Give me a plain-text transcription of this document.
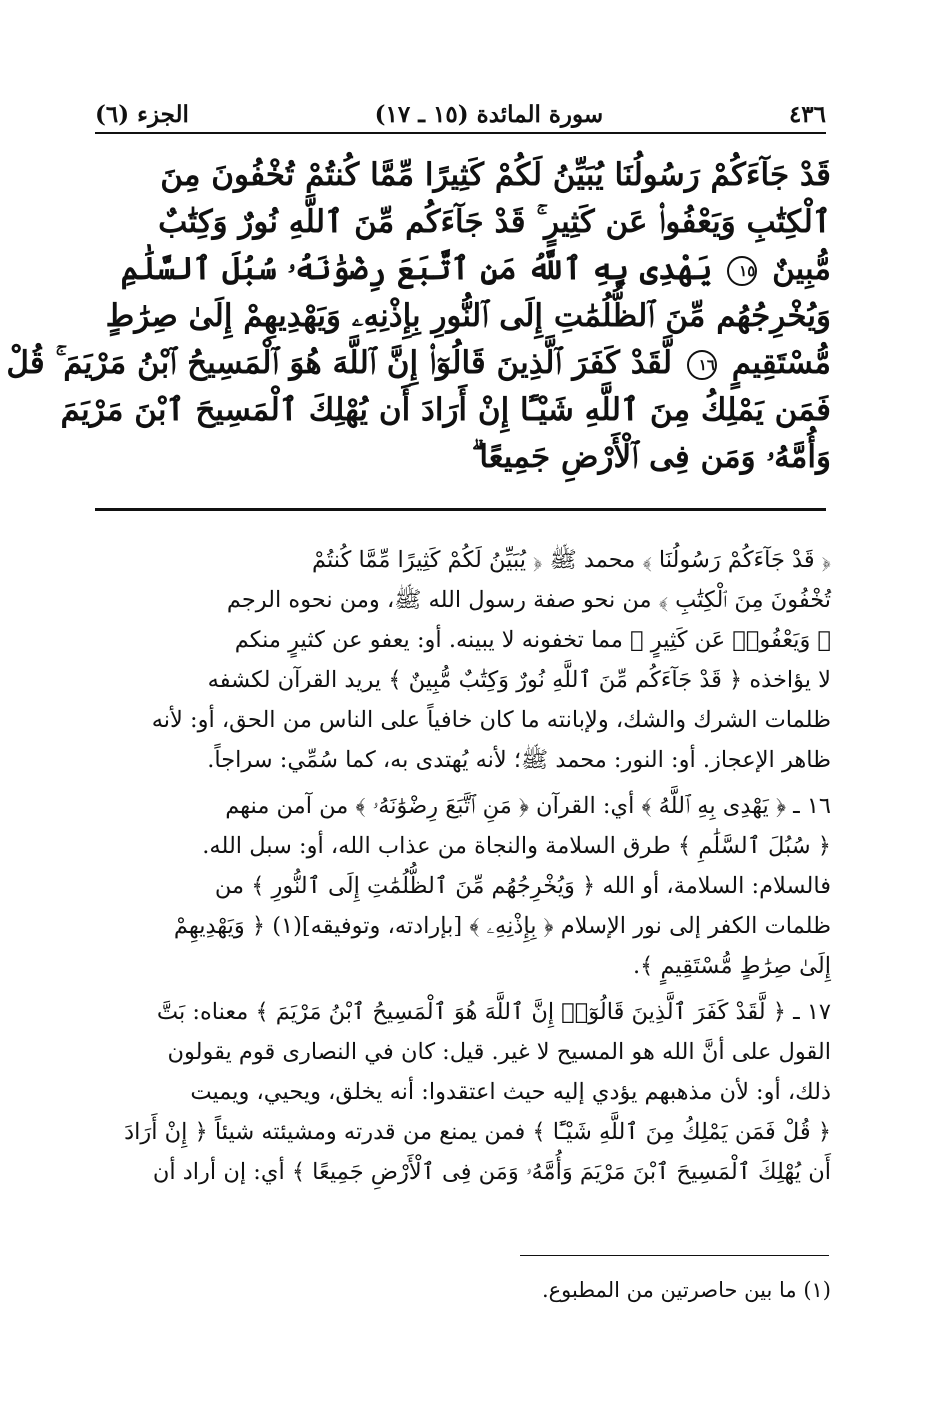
٤٣٦
سورة المائدة (١٥ ـ ١٧)
الجزء (٦)
قَدْ جَآءَكُمْ رَسُولُنَا يُبَيِّنُ لَكُمْ كَثِيرًا مِّمَّا كُنتُمْ تُخْفُونَ مِنَ
ٱلْكِتَٰبِ وَيَعْفُوا۟ عَن كَثِيرٍ ۚ قَدْ جَآءَكُم مِّنَ ٱللَّهِ نُورٌ وَكِتَٰبٌ
مُّبِينٌ ١٥ يَهْدِى بِهِ ٱللَّهُ مَنِ ٱتَّبَعَ رِضْوَٰنَهُۥ سُبُلَ ٱلسَّلَٰمِ
وَيُخْرِجُهُم مِّنَ ٱلظُّلُمَٰتِ إِلَى ٱلنُّورِ بِإِذْنِهِۦ وَيَهْدِيهِمْ إِلَىٰ صِرَٰطٍ
مُّسْتَقِيمٍ ١٦ لَّقَدْ كَفَرَ ٱلَّذِينَ قَالُوٓا۟ إِنَّ ٱللَّهَ هُوَ ٱلْمَسِيحُ ٱبْنُ مَرْيَمَ ۚ قُلْ
فَمَن يَمْلِكُ مِنَ ٱللَّهِ شَيْـًٔا إِنْ أَرَادَ أَن يُهْلِكَ ٱلْمَسِيحَ ٱبْنَ مَرْيَمَ
وَأُمَّهُۥ وَمَن فِى ٱلْأَرْضِ جَمِيعًا ۗ
﴿ قَدْ جَآءَكُمْ رَسُولُنَا ﴾ محمد ﷺ ﴿ يُبَيِّنُ لَكُمْ كَثِيرًا مِّمَّا كُنتُمْ
تُخْفُونَ مِنَ ٱلْكِتَٰبِ ﴾ من نحو صفة رسول الله ﷺ، ومن نحوه الرجم
﴿ وَيَعْفُوا۟ عَن كَثِيرٍ ﴾ مما تخفونه لا يبينه. أو: يعفو عن كثيرٍ منكم
لا يؤاخذه ﴿ قَدْ جَآءَكُم مِّنَ ٱللَّهِ نُورٌ وَكِتَٰبٌ مُّبِينٌ ﴾ يريد القرآن لكشفه
ظلمات الشرك والشك، ولإبانته ما كان خافياً على الناس من الحق، أو: لأنه
ظاهر الإعجاز. أو: النور: محمد ﷺ؛ لأنه يُهتدى به، كما سُمِّي: سراجاً.
١٦ ـ ﴿ يَهْدِى بِهِ ٱللَّهُ ﴾ أي: القرآن ﴿ مَنِ ٱتَّبَعَ رِضْوَٰنَهُۥ ﴾ من آمن منهم
﴿ سُبُلَ ٱلسَّلَٰمِ ﴾ طرق السلامة والنجاة من عذاب الله، أو: سبل الله.
فالسلام: السلامة، أو الله ﴿ وَيُخْرِجُهُم مِّنَ ٱلظُّلُمَٰتِ إِلَى ٱلنُّورِ ﴾ من
ظلمات الكفر إلى نور الإسلام ﴿ بِإِذْنِهِۦ ﴾ [بإرادته، وتوفيقه](١) ﴿ وَيَهْدِيهِمْ
إِلَىٰ صِرَٰطٍ مُّسْتَقِيمٍ ﴾.
١٧ ـ ﴿ لَّقَدْ كَفَرَ ٱلَّذِينَ قَالُوٓا۟ إِنَّ ٱللَّهَ هُوَ ٱلْمَسِيحُ ٱبْنُ مَرْيَمَ ﴾ معناه: بَتَّ
القول على أنَّ الله هو المسيح لا غير. قيل: كان في النصارى قوم يقولون
ذلك، أو: لأن مذهبهم يؤدي إليه حيث اعتقدوا: أنه يخلق، ويحيي، ويميت
﴿ قُلْ فَمَن يَمْلِكُ مِنَ ٱللَّهِ شَيْـًٔا ﴾ فمن يمنع من قدرته ومشيئته شيئاً ﴿ إِنْ أَرَادَ
أَن يُهْلِكَ ٱلْمَسِيحَ ٱبْنَ مَرْيَمَ وَأُمَّهُۥ وَمَن فِى ٱلْأَرْضِ جَمِيعًا ﴾ أي: إن أراد أن
(١) ما بين حاصرتين من المطبوع.
